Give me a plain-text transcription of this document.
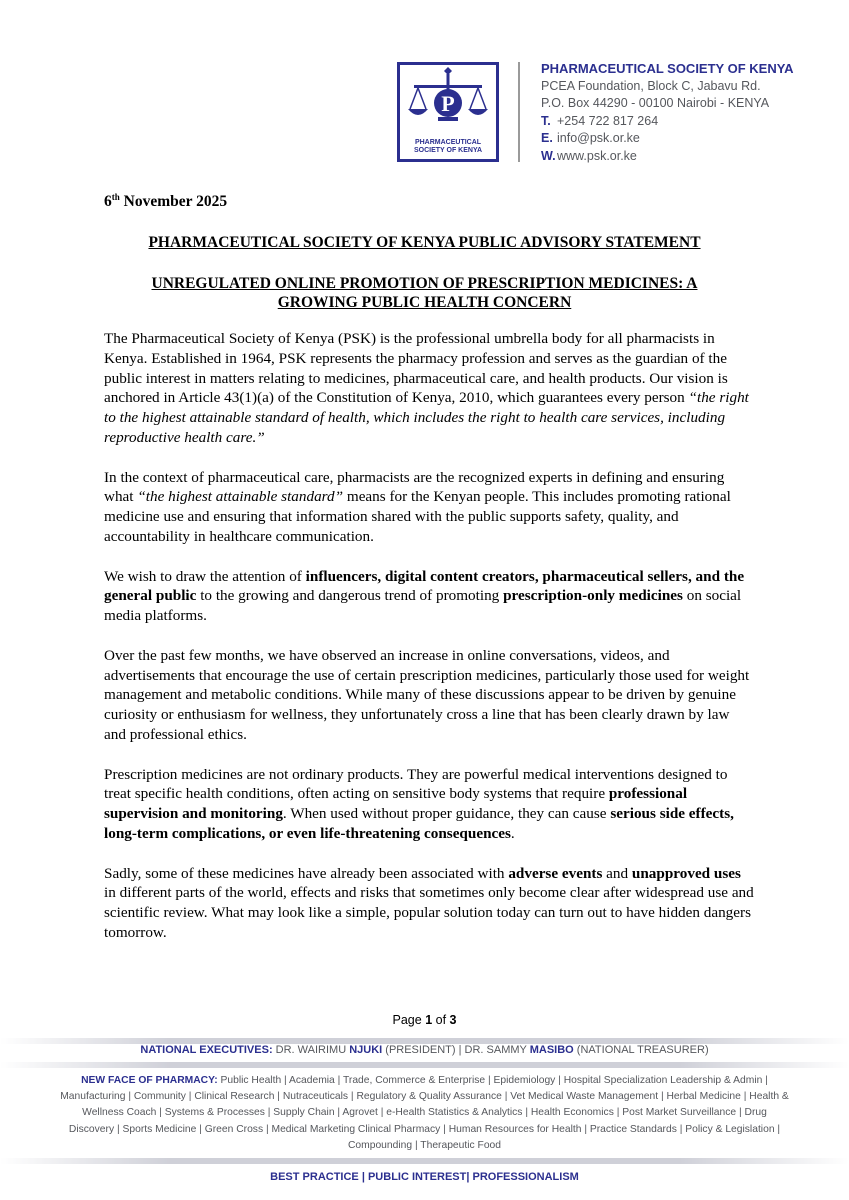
P
PHARMACEUTICAL SOCIETY OF KENYA
PHARMACEUTICAL SOCIETY OF KENYA
PCEA Foundation, Block C, Jabavu Rd.
P.O. Box 44290 - 00100 Nairobi - KENYA
T. +254 722 817 264
E. info@psk.or.ke
W.www.psk.or.ke
6th November 2025
PHARMACEUTICAL SOCIETY OF KENYA PUBLIC ADVISORY STATEMENT
UNREGULATED ONLINE PROMOTION OF PRESCRIPTION MEDICINES: A GROWING PUBLIC HEALTH CONCERN

The Pharmaceutical Society of Kenya (PSK) is the professional umbrella body for all pharmacists in Kenya. Established in 1964, PSK represents the pharmacy profession and serves as the guardian of the public interest in matters relating to medicines, pharmaceutical care, and health products. Our vision is anchored in Article 43(1)(a) of the Constitution of Kenya, 2010, which guarantees every person “the right to the highest attainable standard of health, which includes the right to health care services, including reproductive health care.”

In the context of pharmaceutical care, pharmacists are the recognized experts in defining and ensuring what “the highest attainable standard” means for the Kenyan people. This includes promoting rational medicine use and ensuring that information shared with the public supports safety, quality, and accountability in healthcare communication.

We wish to draw the attention of influencers, digital content creators, pharmaceutical sellers, and the general public to the growing and dangerous trend of promoting prescription-only medicines on social media platforms.

Over the past few months, we have observed an increase in online conversations, videos, and advertisements that encourage the use of certain prescription medicines, particularly those used for weight management and metabolic conditions. While many of these discussions appear to be driven by genuine curiosity or enthusiasm for wellness, they unfortunately cross a line that has been clearly drawn by law and professional ethics.

Prescription medicines are not ordinary products. They are powerful medical interventions designed to treat specific health conditions, often acting on sensitive body systems that require professional supervision and monitoring. When used without proper guidance, they can cause serious side effects, long-term complications, or even life-threatening consequences.

Sadly, some of these medicines have already been associated with adverse events and unapproved uses in different parts of the world, effects and risks that sometimes only become clear after widespread use and scientific review. What may look like a simple, popular solution today can turn out to have hidden dangers tomorrow.

Page 1 of 3
NATIONAL EXECUTIVES: DR. WAIRIMU NJUKI (PRESIDENT) | DR. SAMMY MASIBO (NATIONAL TREASURER)
NEW FACE OF PHARMACY: Public Health | Academia | Trade, Commerce & Enterprise | Epidemiology | Hospital Specialization Leadership & Admin | Manufacturing | Community | Clinical Research | Nutraceuticals | Regulatory & Quality Assurance | Vet Medical Waste Management | Herbal Medicine | Health & Wellness Coach | Systems & Processes | Supply Chain | Agrovet | e-Health Statistics & Analytics | Health Economics | Post Market Surveillance | Drug Discovery | Sports Medicine | Green Cross | Medical Marketing Clinical Pharmacy | Human Resources for Health | Practice Standards | Policy & Legislation | Compounding | Therapeutic Food
BEST PRACTICE | PUBLIC INTEREST| PROFESSIONALISM
